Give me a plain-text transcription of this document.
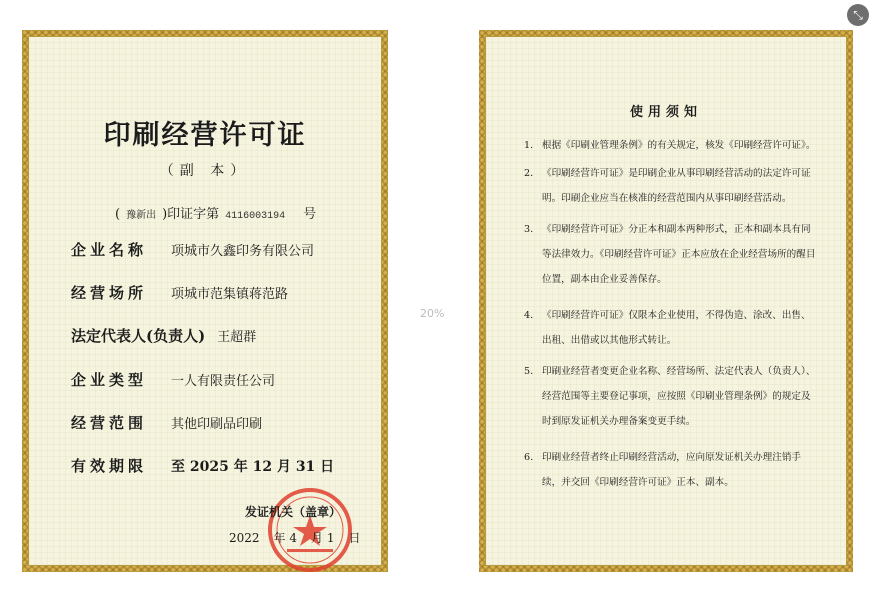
印刷经营许可证
（副 本）
( 豫新出 )印证字第 4116003194 号
企业名称 项城市久鑫印务有限公司
经营场所 项城市范集镇蒋范路
法定代表人(负责人) 王超群
企业类型 一人有限责任公司
经营范围 其他印刷品印刷
有效期限 至 2025 年 12 月 31 日
发证机关（盖章）
2022 年 4 月 1 日
20%
使用须知
1. 根据《印刷业管理条例》的有关规定，核发《印刷经营许可证》。
2. 《印刷经营许可证》是印刷企业从事印刷经营活动的法定许可证明。印刷企业应当在核准的经营范围内从事印刷经营活动。
3. 《印刷经营许可证》分正本和副本两种形式，正本和副本具有同等法律效力。《印刷经营许可证》正本应放在企业经营场所的醒目位置，副本由企业妥善保存。
4. 《印刷经营许可证》仅限本企业使用，不得伪造、涂改、出售、出租、出借或以其他形式转让。
5. 印刷业经营者变更企业名称、经营场所、法定代表人（负责人）、经营范围等主要登记事项，应按照《印刷业管理条例》的规定及时到原发证机关办理备案变更手续。
6. 印刷业经营者终止印刷经营活动，应向原发证机关办理注销手续，并交回《印刷经营许可证》正本、副本。
⤡
